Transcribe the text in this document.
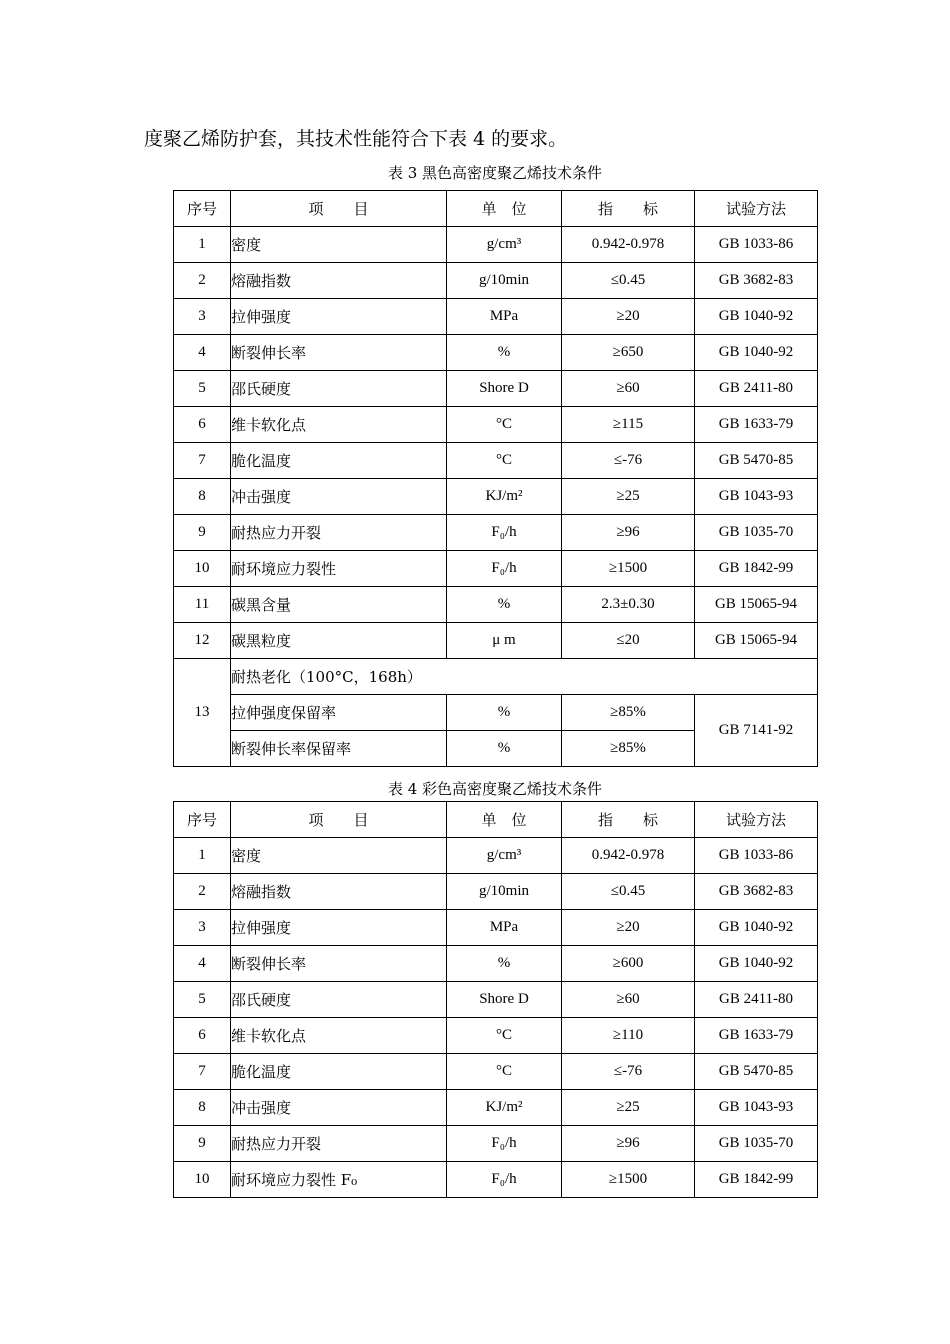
度聚乙烯防护套，其技术性能符合下表 4 的要求。
表 3 黑色高密度聚乙烯技术条件
序号	项　　目	单　位	指　　标	试验方法
1	密度	g/cm³	0.942-0.978	GB 1033-86
2	熔融指数	g/10min	≤0.45	GB 3682-83
3	拉伸强度	MPa	≥20	GB 1040-92
4	断裂伸长率	%	≥650	GB 1040-92
5	邵氏硬度	Shore D	≥60	GB 2411-80
6	维卡软化点	°C	≥115	GB 1633-79
7	脆化温度	°C	≤-76	GB 5470-85
8	冲击强度	KJ/m²	≥25	GB 1043-93
9	耐热应力开裂	F₀/h	≥96	GB 1035-70
10	耐环境应力裂性	F₀/h	≥1500	GB 1842-99
11	碳黑含量	%	2.3±0.30	GB 15065-94
12	碳黑粒度	μ m	≤20	GB 15065-94
13	耐热老化（100°C，168h）			
	拉伸强度保留率	%	≥85%	GB 7141-92
	断裂伸长率保留率	%	≥85%	
表 4 彩色高密度聚乙烯技术条件
序号	项　　目	单　位	指　　标	试验方法
1	密度	g/cm³	0.942-0.978	GB 1033-86
2	熔融指数	g/10min	≤0.45	GB 3682-83
3	拉伸强度	MPa	≥20	GB 1040-92
4	断裂伸长率	%	≥600	GB 1040-92
5	邵氏硬度	Shore D	≥60	GB 2411-80
6	维卡软化点	°C	≥110	GB 1633-79
7	脆化温度	°C	≤-76	GB 5470-85
8	冲击强度	KJ/m²	≥25	GB 1043-93
9	耐热应力开裂	F₀/h	≥96	GB 1035-70
10	耐环境应力裂性 F₀	F₀/h	≥1500	GB 1842-99
